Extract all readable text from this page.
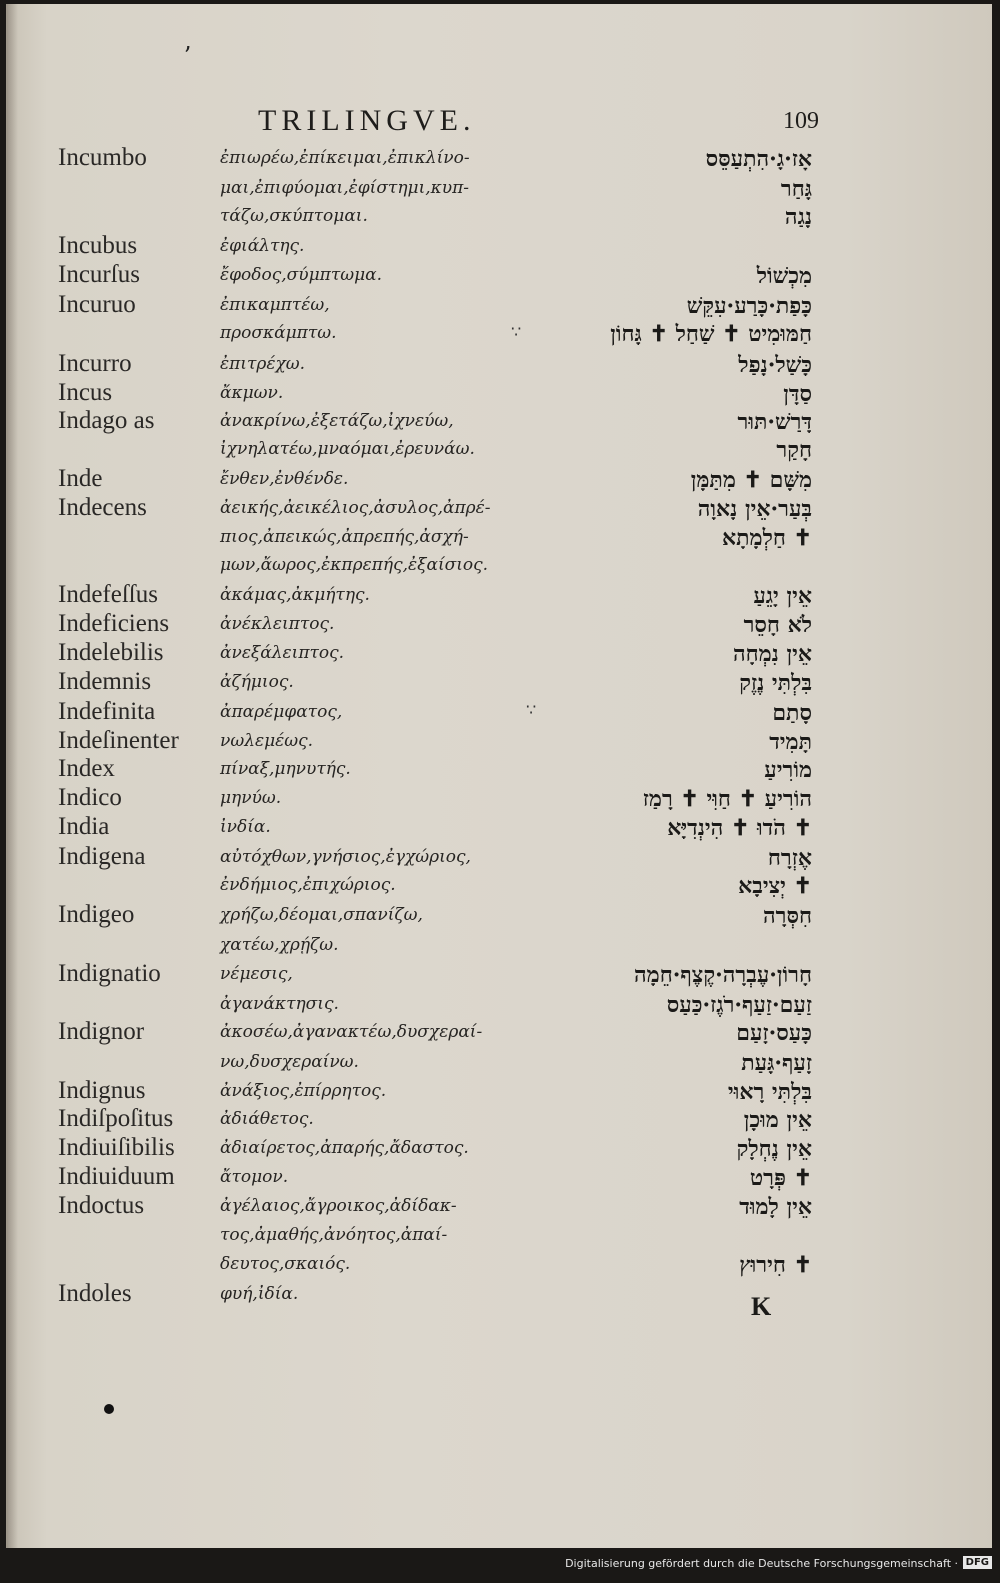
ʼ
TRILINGVE.	109
Incumbo	ἐπιωρέω,ἐπίκειμαι,ἐπικλίνο-	אָז·גָ·הִתְעַסֵּס
μαι,ἐπιφύομαι,ἐφίστημι,κυπ-	גָּחַר
τάζω,σκύπτομαι.	נָגַה
Incubus	ἐφιάλτης.
Incurſus	ἔφοδος,σύμπτωμα.	מִכְשׁוֹל
Incuruo	ἐπικαμπτέω,	כָּפַת·כָּרַע·עִקֵּשׁ
προσκάμπτω.	חַמּוּמִיט ✝ שַׁחַל ✝ גָּחוֹן
Incurro	ἐπιτρέχω.	כָּשַׁל·נָפַל
Incus	ἄκμων.	סַדָּן
Indago as	ἀνακρίνω,ἐξετάζω,ἰχνεύω,	דָּרַשׁ·תּוּר
ἰχνηλατέω,μναόμαι,ἐρευνάω.	חָקַר
Inde	ἔνθεν,ἐνθένδε.	מִשָּׁם ✝ מִתַּמָּן
Indecens	ἀεικής,ἀεικέλιος,ἀσυλος,ἀπρέ-	בְּעַר·אֵין נָאוָה
πιος,ἀπεικώς,ἀπρεπής,ἀσχή-	✝ חַלְמָתָא
μων,ἄωρος,ἐκπρεπής,ἐξαίσιος.
Indefeſſus	ἀκάμας,ἀκμήτης.	אֵין יָגֵעַ
Indeficiens	ἀνέκλειπτος.	לֹא חָסֵר
Indelebilis	ἀνεξάλειπτος.	אֵין נִמְחָה
Indemnis	ἀζήμιος.	בִּלְתִּי נֶזֶק
Indefinita	ἀπαρέμφατος,	סָתַם
Indeſinenter νωλεμέως.	תָּמִיד
Index	πίναξ,μηνυτής.	מוֹרִיעַ
Indico	μηνύω.	הוֹרִיעַ ✝ חַוִּי ✝ רָמַז
India	ἰνδία.	✝ הֹדוּ ✝ הִינְדִיָּא
Indigena	αὐτόχθων,γνήσιος,ἐγχώριος,	אֶזְרָח
ἐνδήμιος,ἐπιχώριος.	✝ יְצִיבָא
Indigeo	χρήζω,δέομαι,σπανίζω,	חִסְּרָה
χατέω,χρῄζω.
Indignatio	νέμεσις,	חָרוֹן·עֶבְרָה·קֶצֶף·חֵמָה
ἀγανάκτησις.	זַעַם·זַעַף·רֹגֶז·כַּעַס
Indignor	ἀκοσέω,ἀγανακτέω,δυσχεραί-	כָּעַס·זָעַם
νω,δυσχεραίνω.	זָעַף·גָּעַת
Indignus	ἀνάξιος,ἐπίρρητος.	בִּלְתִּי רָאוּי
Indiſpoſitus	ἀδιάθετος.	אֵין מוּכָן
Indiuiſibilis	ἀδιαίρετος,ἀπαρής,ἄδαστος.	אֵין נֶחְלָק
Indiuiduum	ἄτομον.	✝ פְּרָט
Indoctus	ἀγέλαιος,ἄγροικος,ἀδίδακ-	אֵין לָמוּד
τος,ἀμαθής,ἀνόητος,ἀπαί-
δευτος,σκαιός.	✝ חִירוּץ
Indoles	φυή,ἰδία.
∵
∵
K
Digitalisierung gefördert durch die Deutsche Forschungsgemeinschaft · DFG
